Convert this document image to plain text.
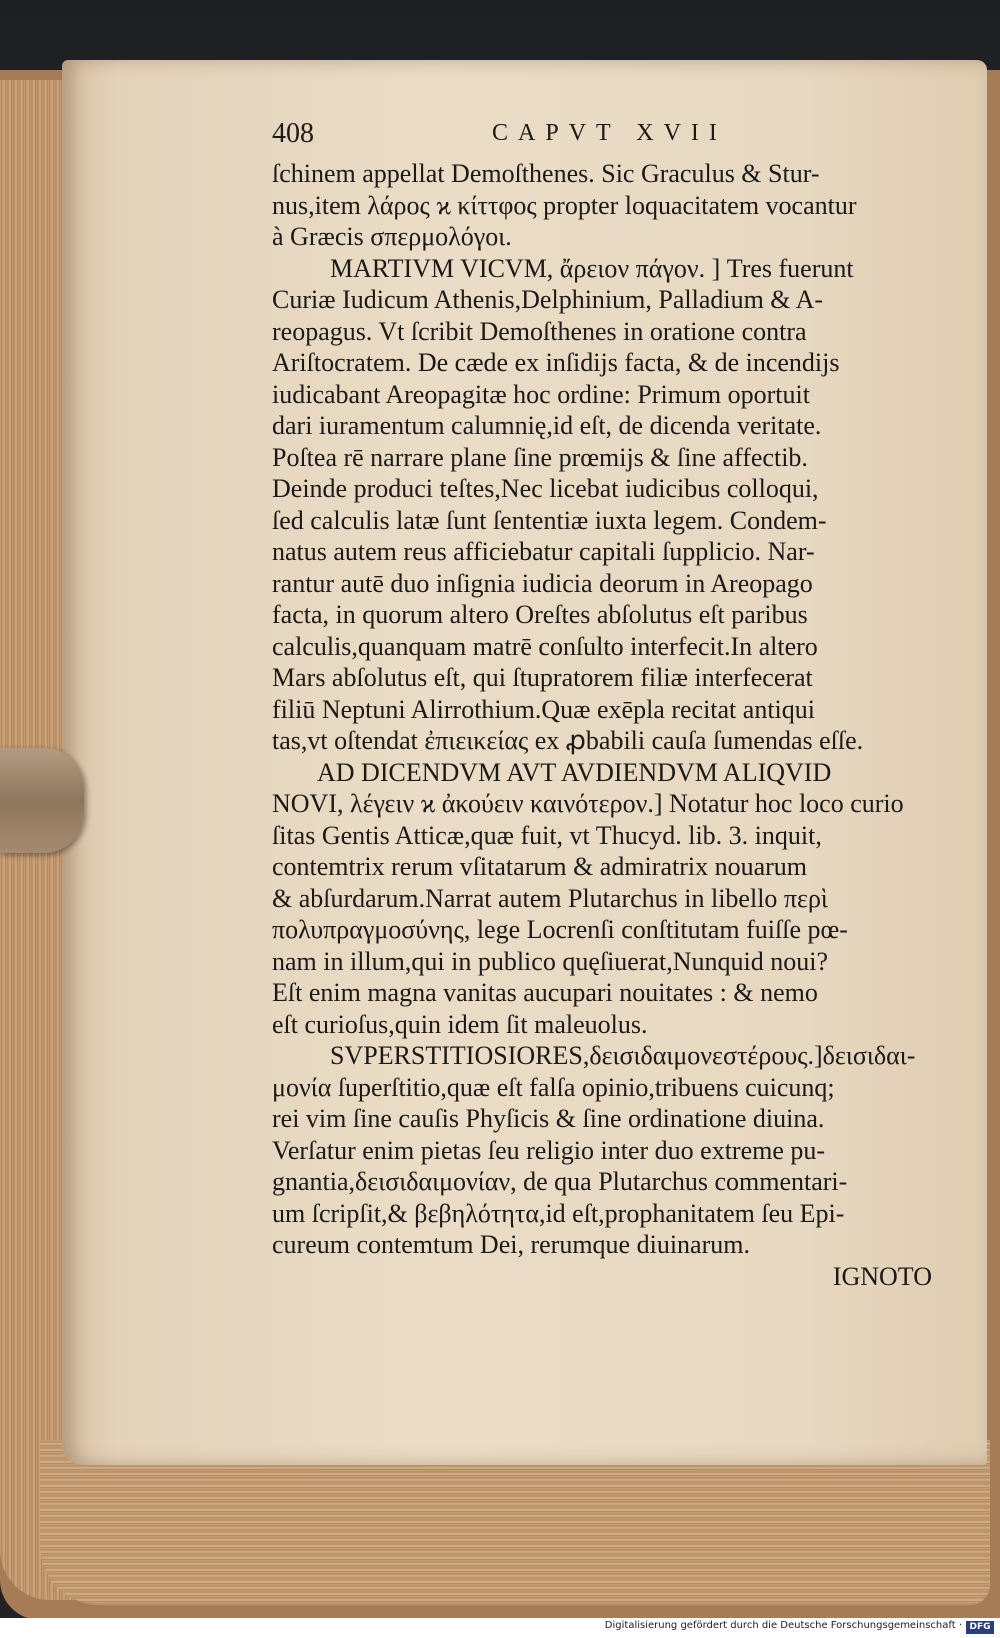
408	CAPVT XVII

ſchinem appellat Demoſthenes. Sic Graculus & Stur-

nus,item λάρος ϰ κίττφος propter loquacitatem vocantur

à Græcis σπερμολόγοι.

MARTIVM VICVM, ἄρειον πάγον. ] Tres fuerunt

Curiæ Iudicum Athenis,Delphinium, Palladium & A-

reopagus. Vt ſcribit Demoſthenes in oratione contra

Ariſtocratem. De cæde ex inſidijs facta, & de incendijs

iudicabant Areopagitæ hoc ordine: Primum oportuit

dari iuramentum calumnię,id eſt, de dicenda veritate.

Poſtea rē narrare plane ſine prœmijs & ſine affectib.

Deinde produci teſtes,Nec licebat iudicibus colloqui,

ſed calculis latæ ſunt ſententiæ iuxta legem. Condem-

natus autem reus afficiebatur capitali ſupplicio. Nar-

rantur autē duo inſignia iudicia deorum in Areopago

facta, in quorum altero Oreſtes abſolutus eſt paribus

calculis,quanquam matrē conſulto interfecit.In altero

Mars abſolutus eſt, qui ſtupratorem filiæ interfecerat

filiū Neptuni Alirrothium.Quæ exēpla recitat antiqui

tas,vt oſtendat ἐπιεικείας ex ꝓbabili cauſa ſumendas eſſe.

AD DICENDVM AVT AVDIENDVM ALIQVID

NOVI, λέγειν ϰ ἀκούειν καινότερον.] Notatur hoc loco curio

ſitas Gentis Atticæ,quæ fuit, vt Thucyd. lib. 3. inquit,

contemtrix rerum vſitatarum & admiratrix nouarum

& abſurdarum.Narrat autem Plutarchus in libello περὶ

πολυπραγμοσύνης, lege Locrenſi conſtitutam fuiſſe pœ-

nam in illum,qui in publico quęſiuerat,Nunquid noui?

Eſt enim magna vanitas aucupari nouitates : & nemo

eſt curioſus,quin idem ſit maleuolus.

SVPERSTITIOSIORES,δεισιδαιμονεστέρους.]δεισιδαι-

μονία ſuperſtitio,quæ eſt falſa opinio,tribuens cuicunq;

rei vim ſine cauſis Phyſicis & ſine ordinatione diuina.

Verſatur enim pietas ſeu religio inter duo extreme pu-

gnantia,δεισιδαιμονίαν, de qua Plutarchus commentari-

um ſcripſit,& βεβηλότητα,id eſt,prophanitatem ſeu Epi-

cureum contemtum Dei, rerumque diuinarum.

IGNOTO

Digitalisierung gefördert durch die Deutsche Forschungsgemeinschaft · DFG
